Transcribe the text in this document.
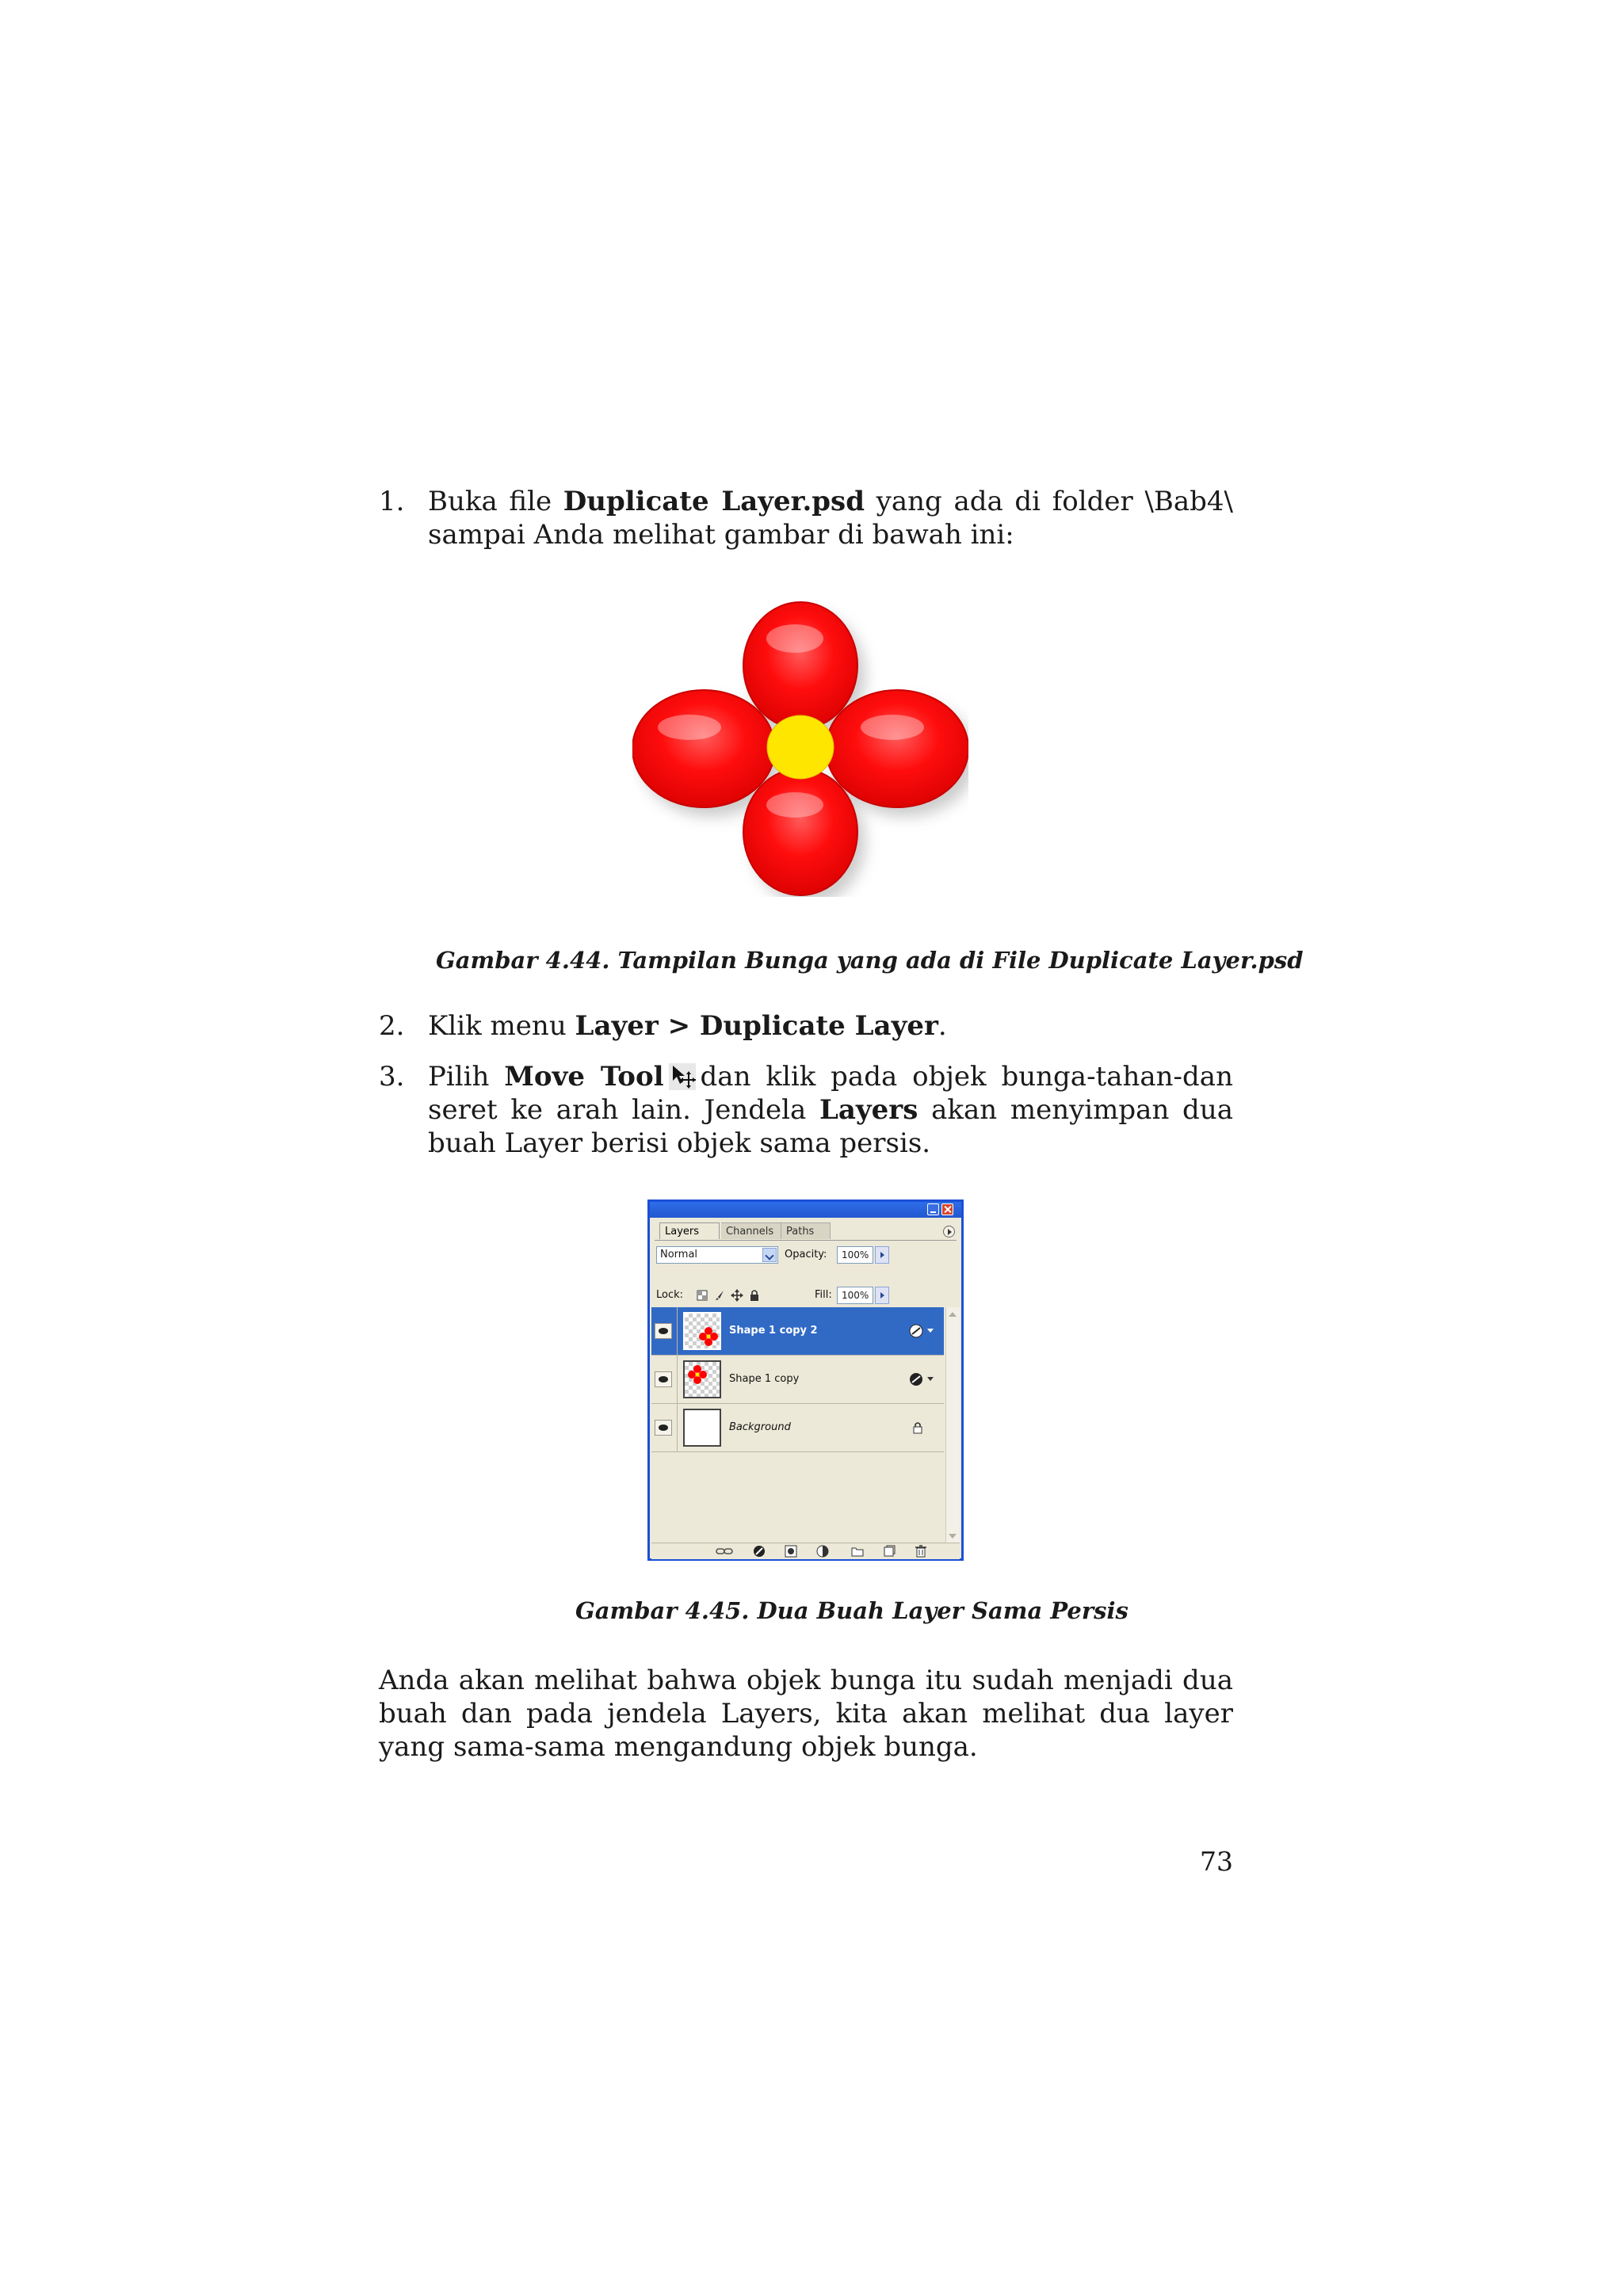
1. Buka file Duplicate Layer.psd yang ada di folder \Bab4\ sampai Anda melihat gambar di bawah ini:
Gambar 4.44. Tampilan Bunga yang ada di File Duplicate Layer.psd
2. Klik menu Layer > Duplicate Layer.
3. Pilih Move Tool dan klik pada objek bunga-tahan-dan seret ke arah lain. Jendela Layers akan menyimpan dua buah Layer berisi objek sama persis.
Layers	Channels	Paths
Normal	Opacity:	100%
Lock:	Fill:	100%
Shape 1 copy 2
Shape 1 copy
Background
Gambar 4.45. Dua Buah Layer Sama Persis
Anda akan melihat bahwa objek bunga itu sudah menjadi dua buah dan pada jendela Layers, kita akan melihat dua layer yang sama-sama mengandung objek bunga.
73
